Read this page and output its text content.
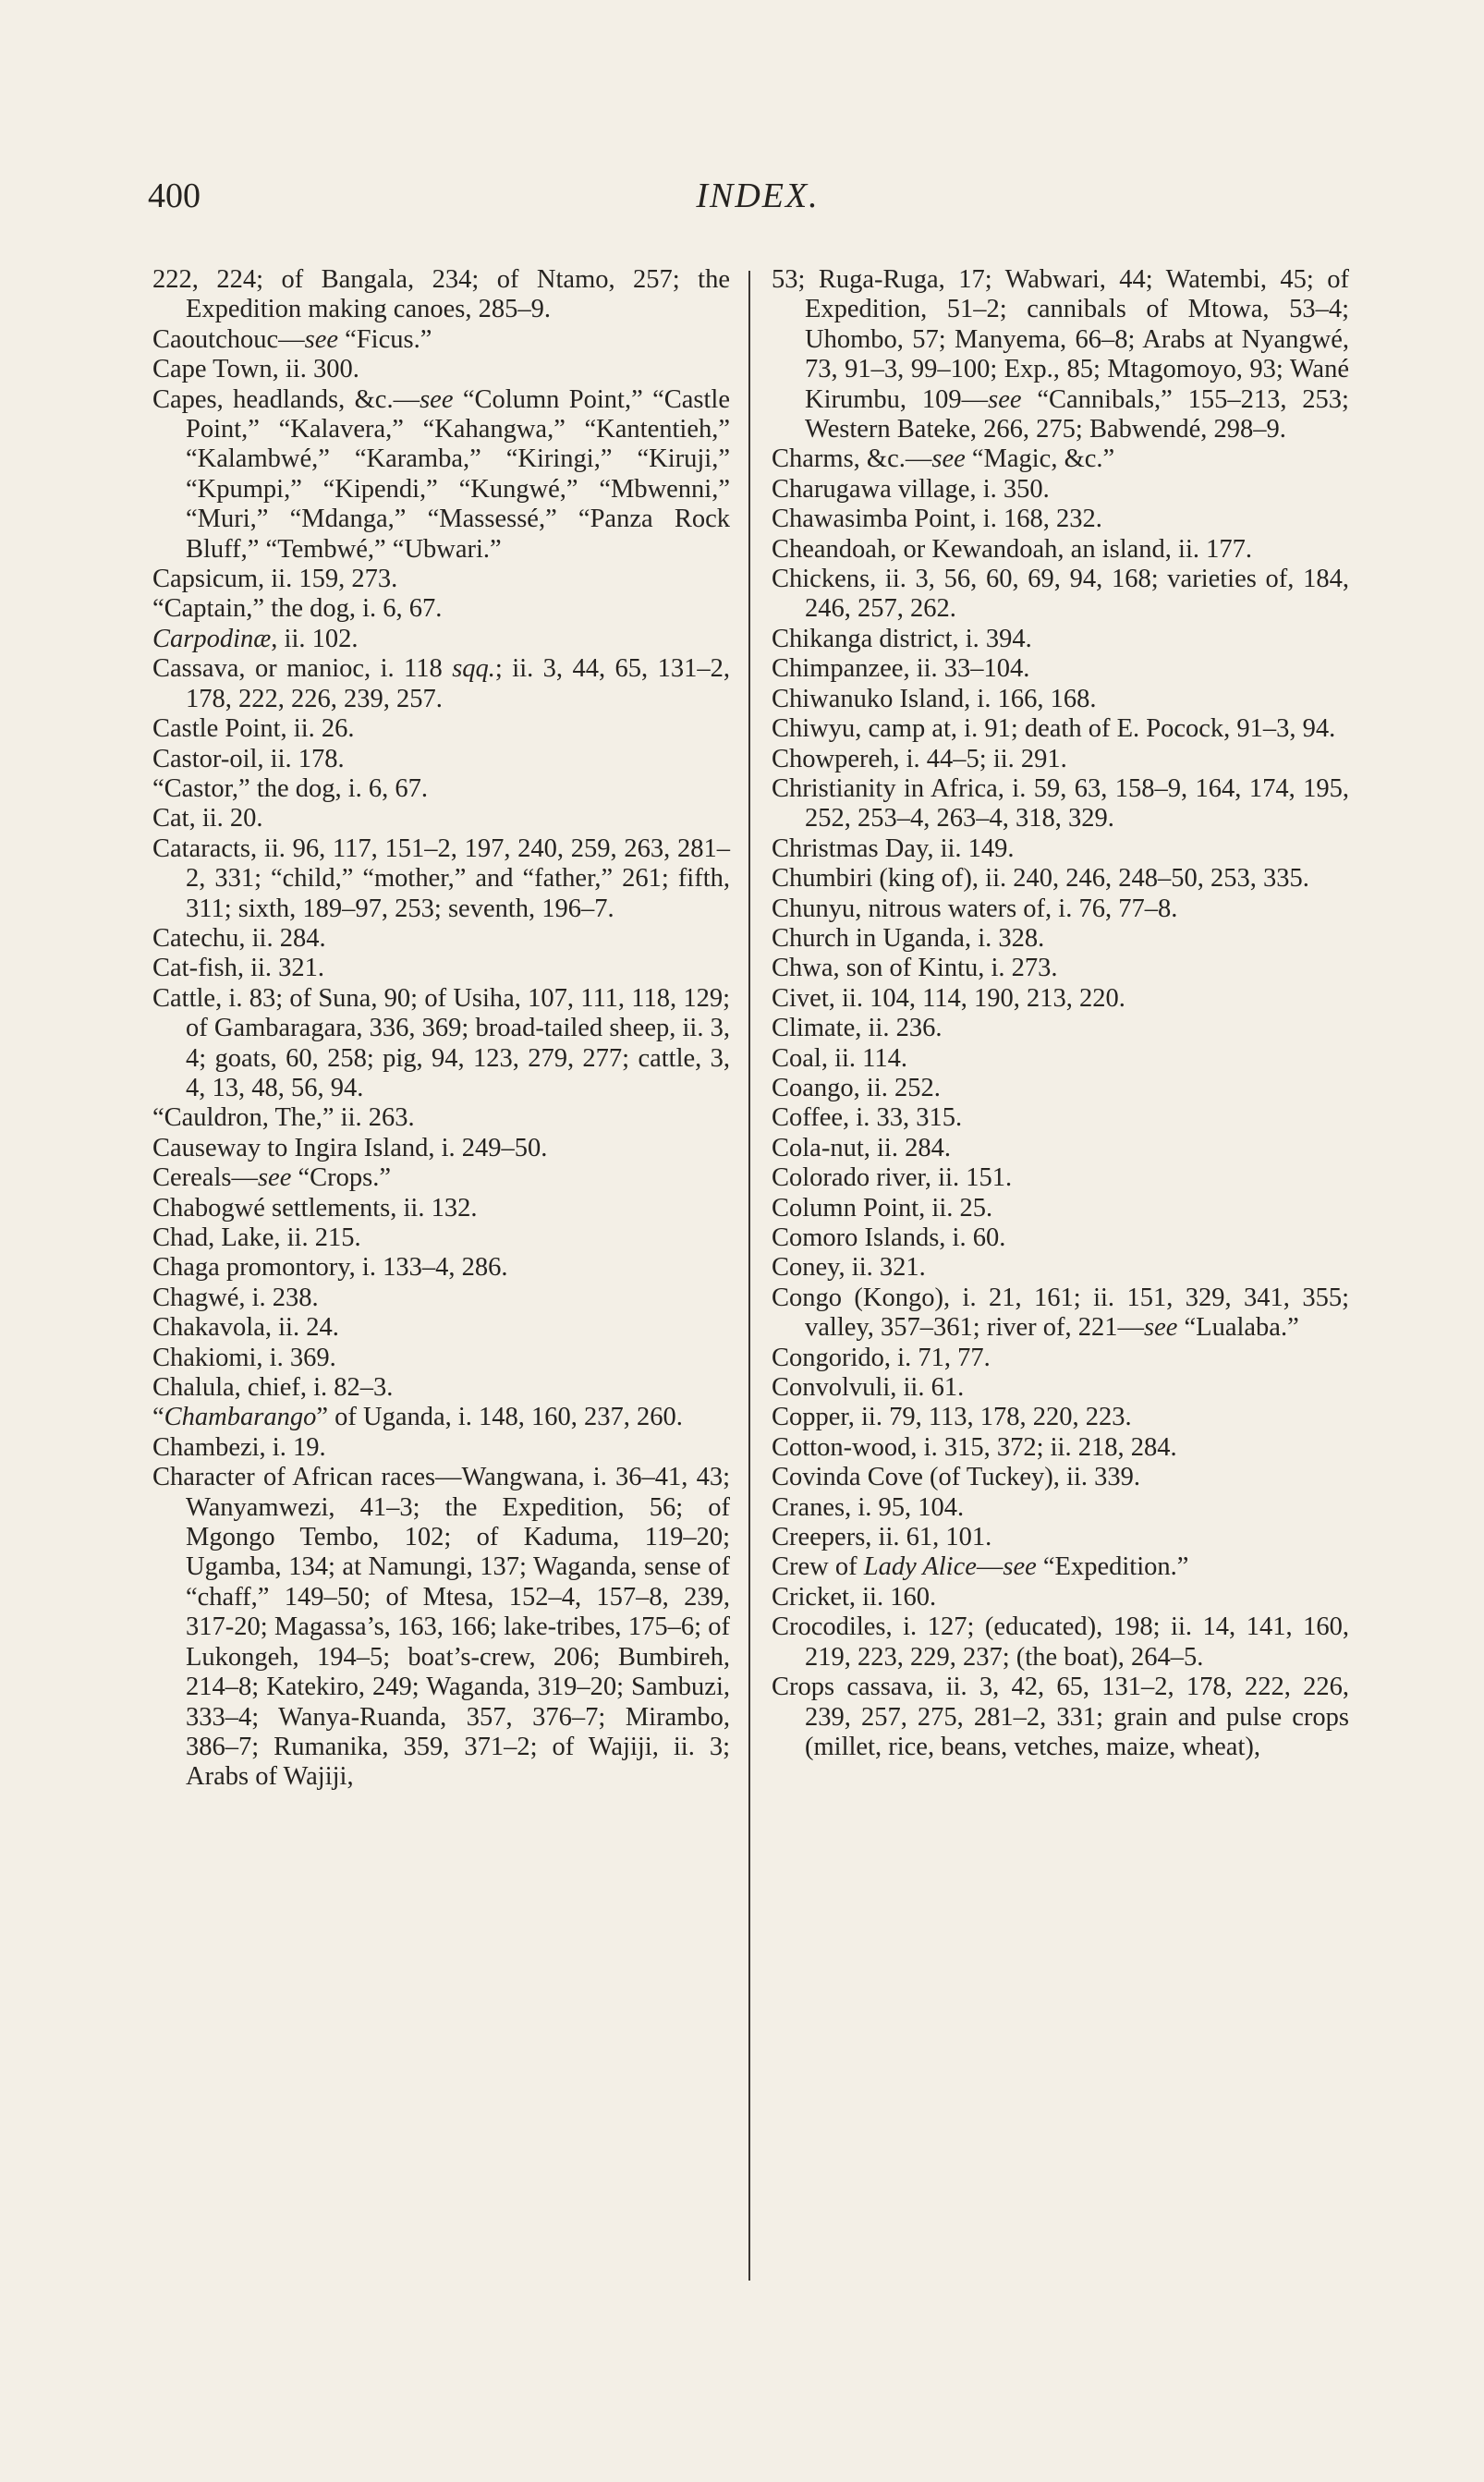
400	INDEX.

222, 224; of Bangala, 234; of Ntamo, 257; the Expedition making canoes, 285–9.

Caoutchouc—see “Ficus.”

Cape Town, ii. 300.

Capes, headlands, &c.—see “Column Point,” “Castle Point,” “Kalavera,” “Kahangwa,” “Kantentieh,” “Kalambwé,” “Karamba,” “Kiringi,” “Kiruji,” “Kpumpi,” “Kipendi,” “Kungwé,” “Mbwenni,” “Muri,” “Mdanga,” “Massessé,” “Panza Rock Bluff,” “Tembwé,” “Ubwari.”

Capsicum, ii. 159, 273.

“Captain,” the dog, i. 6, 67.

Carpodinæ, ii. 102.

Cassava, or manioc, i. 118 sqq.; ii. 3, 44, 65, 131–2, 178, 222, 226, 239, 257.

Castle Point, ii. 26.

Castor-oil, ii. 178.

“Castor,” the dog, i. 6, 67.

Cat, ii. 20.

Cataracts, ii. 96, 117, 151–2, 197, 240, 259, 263, 281–2, 331; “child,” “mother,” and “father,” 261; fifth, 311; sixth, 189–97, 253; seventh, 196–7.

Catechu, ii. 284.

Cat-fish, ii. 321.

Cattle, i. 83; of Suna, 90; of Usiha, 107, 111, 118, 129; of Gambaragara, 336, 369; broad-tailed sheep, ii. 3, 4; goats, 60, 258; pig, 94, 123, 279, 277; cattle, 3, 4, 13, 48, 56, 94.

“Cauldron, The,” ii. 263.

Causeway to Ingira Island, i. 249–50.

Cereals—see “Crops.”

Chabogwé settlements, ii. 132.

Chad, Lake, ii. 215.

Chaga promontory, i. 133–4, 286.

Chagwé, i. 238.

Chakavola, ii. 24.

Chakiomi, i. 369.

Chalula, chief, i. 82–3.

“Chambarango” of Uganda, i. 148, 160, 237, 260.

Chambezi, i. 19.

Character of African races—Wangwana, i. 36–41, 43; Wanyamwezi, 41–3; the Expedition, 56; of Mgongo Tembo, 102; of Kaduma, 119–20; Ugamba, 134; at Namungi, 137; Waganda, sense of “chaff,” 149–50; of Mtesa, 152–4, 157–8, 239, 317-20; Magassa’s, 163, 166; lake-tribes, 175–6; of Lukongeh, 194–5; boat’s-crew, 206; Bumbireh, 214–8; Katekiro, 249; Waganda, 319–20; Sambuzi, 333–4; Wanya-Ruanda, 357, 376–7; Mirambo, 386–7; Rumanika, 359, 371–2; of Wajiji, ii. 3; Arabs of Wajiji,

53; Ruga-Ruga, 17; Wabwari, 44; Watembi, 45; of Expedition, 51–2; cannibals of Mtowa, 53–4; Uhombo, 57; Manyema, 66–8; Arabs at Nyangwé, 73, 91–3, 99–100; Exp., 85; Mtagomoyo, 93; Wané Kirumbu, 109—see “Cannibals,” 155–213, 253; Western Bateke, 266, 275; Babwendé, 298–9.

Charms, &c.—see “Magic, &c.”

Charugawa village, i. 350.

Chawasimba Point, i. 168, 232.

Cheandoah, or Kewandoah, an island, ii. 177.

Chickens, ii. 3, 56, 60, 69, 94, 168; varieties of, 184, 246, 257, 262.

Chikanga district, i. 394.

Chimpanzee, ii. 33–104.

Chiwanuko Island, i. 166, 168.

Chiwyu, camp at, i. 91; death of E. Pocock, 91–3, 94.

Chowpereh, i. 44–5; ii. 291.

Christianity in Africa, i. 59, 63, 158–9, 164, 174, 195, 252, 253–4, 263–4, 318, 329.

Christmas Day, ii. 149.

Chumbiri (king of), ii. 240, 246, 248–50, 253, 335.

Chunyu, nitrous waters of, i. 76, 77–8.

Church in Uganda, i. 328.

Chwa, son of Kintu, i. 273.

Civet, ii. 104, 114, 190, 213, 220.

Climate, ii. 236.

Coal, ii. 114.

Coango, ii. 252.

Coffee, i. 33, 315.

Cola-nut, ii. 284.

Colorado river, ii. 151.

Column Point, ii. 25.

Comoro Islands, i. 60.

Coney, ii. 321.

Congo (Kongo), i. 21, 161; ii. 151, 329, 341, 355; valley, 357–361; river of, 221—see “Lualaba.”

Congorido, i. 71, 77.

Convolvuli, ii. 61.

Copper, ii. 79, 113, 178, 220, 223.

Cotton-wood, i. 315, 372; ii. 218, 284.

Covinda Cove (of Tuckey), ii. 339.

Cranes, i. 95, 104.

Creepers, ii. 61, 101.

Crew of Lady Alice—see “Expedition.”

Cricket, ii. 160.

Crocodiles, i. 127; (educated), 198; ii. 14, 141, 160, 219, 223, 229, 237; (the boat), 264–5.

Crops cassava, ii. 3, 42, 65, 131–2, 178, 222, 226, 239, 257, 275, 281–2, 331; grain and pulse crops (millet, rice, beans, vetches, maize, wheat),
